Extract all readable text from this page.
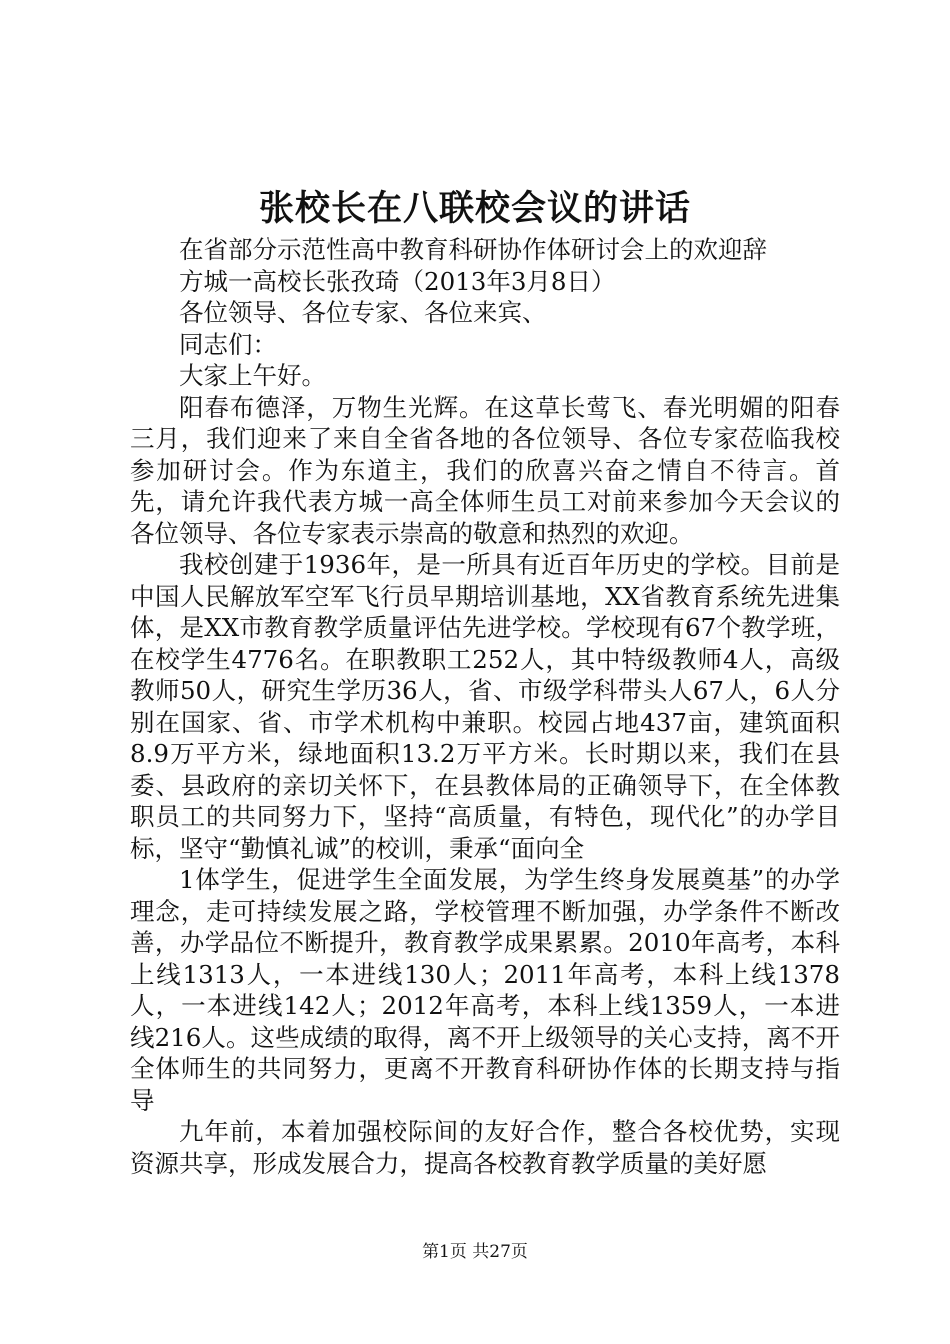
张校长在八联校会议的讲话

在省部分示范性高中教育科研协作体研讨会上的欢迎辞

方城一高校长张孜琦（2013年3月8日）

各位领导、各位专家、各位来宾、

同志们：

大家上午好。

阳春布德泽，万物生光辉。在这草长莺飞、春光明媚的阳春三月，我们迎来了来自全省各地的各位领导、各位专家莅临我校参加研讨会。作为东道主，我们的欣喜兴奋之情自不待言。首先，请允许我代表方城一高全体师生员工对前来参加今天会议的各位领导、各位专家表示崇高的敬意和热烈的欢迎。

我校创建于1936年，是一所具有近百年历史的学校。目前是中国人民解放军空军飞行员早期培训基地，XX省教育系统先进集体，是XX市教育教学质量评估先进学校。学校现有67个教学班，在校学生4776名。在职教职工252人，其中特级教师4人，高级教师50人，研究生学历36人，省、市级学科带头人67人，6人分别在国家、省、市学术机构中兼职。校园占地437亩，建筑面积8.9万平方米，绿地面积13.2万平方米。长时期以来，我们在县委、县政府的亲切关怀下，在县教体局的正确领导下，在全体教职员工的共同努力下，坚持“高质量，有特色，现代化”的办学目标，坚守“勤慎礼诚”的校训，秉承“面向全

1体学生，促进学生全面发展，为学生终身发展奠基”的办学理念，走可持续发展之路，学校管理不断加强，办学条件不断改善，办学品位不断提升，教育教学成果累累。2010年高考，本科上线1313人，一本进线130人；2011年高考，本科上线1378人，一本进线142人；2012年高考，本科上线1359人，一本进线216人。这些成绩的取得，离不开上级领导的关心支持，离不开全体师生的共同努力，更离不开教育科研协作体的长期支持与指导

九年前，本着加强校际间的友好合作，整合各校优势，实现资源共享，形成发展合力，提高各校教育教学质量的美好愿

第1页 共27页
